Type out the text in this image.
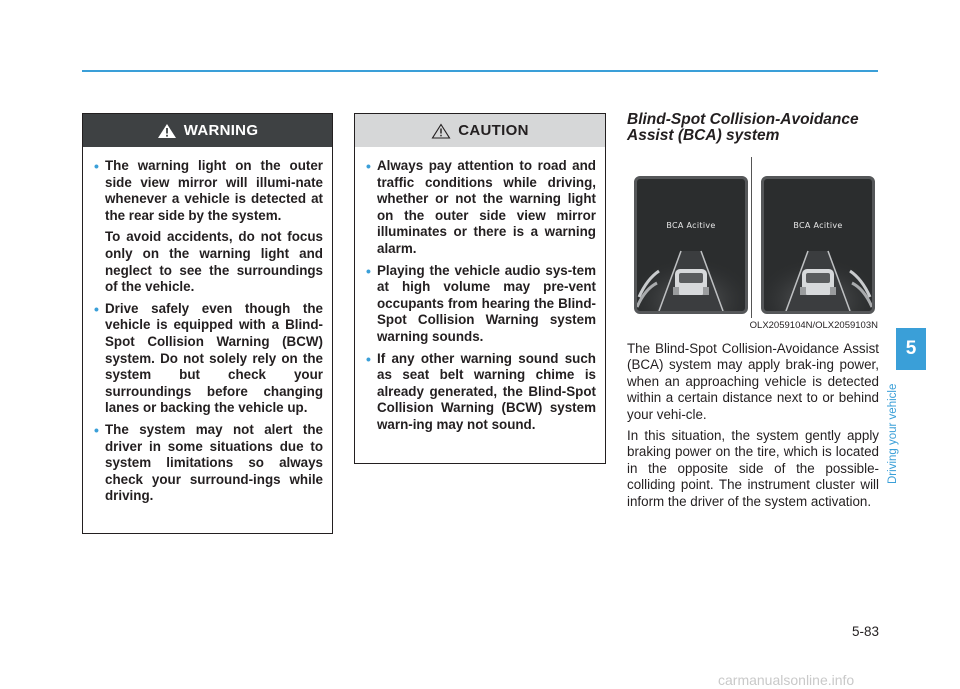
WARNING
• The warning light on the outer side view mirror will illumi-nate whenever a vehicle is detected at the rear side by the system.

To avoid accidents, do not focus only on the warning light and neglect to see the surroundings of the vehicle.

• Drive safely even though the vehicle is equipped with a Blind-Spot Collision Warning (BCW) system. Do not solely rely on the system but check your surroundings before changing lanes or backing the vehicle up.

• The system may not alert the driver in some situations due to system limitations so always check your surround-ings while driving.

CAUTION
• Always pay attention to road and traffic conditions while driving, whether or not the warning light on the outer side view mirror illuminates or there is a warning alarm.

• Playing the vehicle audio sys-tem at high volume may pre-vent occupants from hearing the Blind-Spot Collision Warning system warning sounds.

• If any other warning sound such as seat belt warning chime is already generated, the Blind-Spot Collision Warning (BCW) system warn-ing may not sound.

Blind-Spot Collision-Avoidance Assist (BCA) system
BCA Acitive	BCA Acitive
OLX2059104N/OLX2059103N

The Blind-Spot Collision-Avoidance Assist (BCA) system may apply brak-ing power, when an approaching vehicle is detected within a certain distance next to or behind your vehi-cle.

In this situation, the system gently apply braking power on the tire, which is located in the opposite side of the possible-colliding point. The instrument cluster will inform the driver of the system activation.

5
Driving your vehicle
5-83
carmanualsonline.info
